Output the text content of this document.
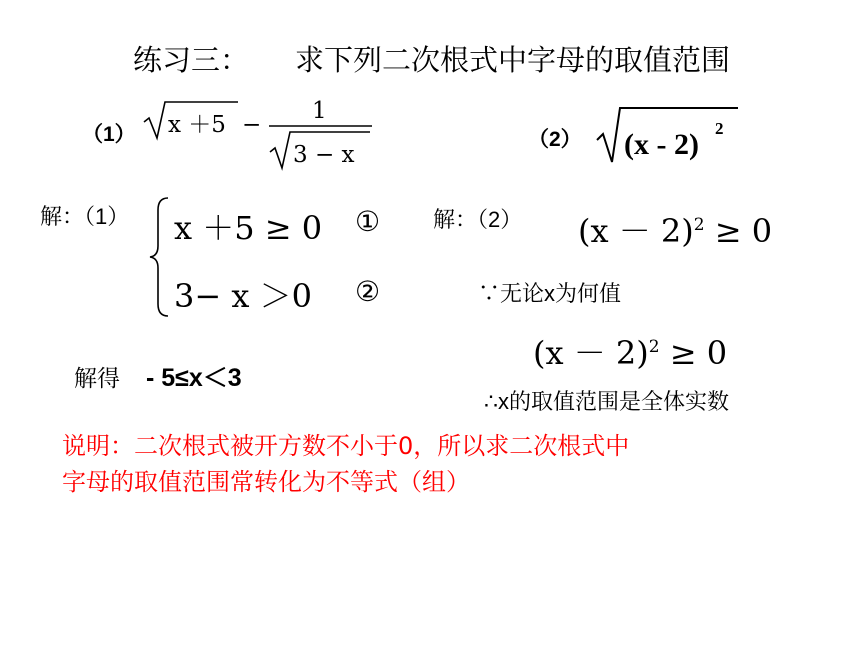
练习三： 求下列二次根式中字母的取值范围
（1） x ＋5 −
1
3 − x
（2） (x - 2) 2
解：（1） x ＋5 ≥ 0 ①
3− x ＞0 ②
解得 - 5≤x＜3
解：（2） $(x - 2)^2 \ge 0$
∵无论x为何值
$(x - 2)^2 \ge 0$
∴x的取值范围是全体实数
说明：二次根式被开方数不小于0，所以求二次根式中
字母的取值范围常转化为不等式（组）
